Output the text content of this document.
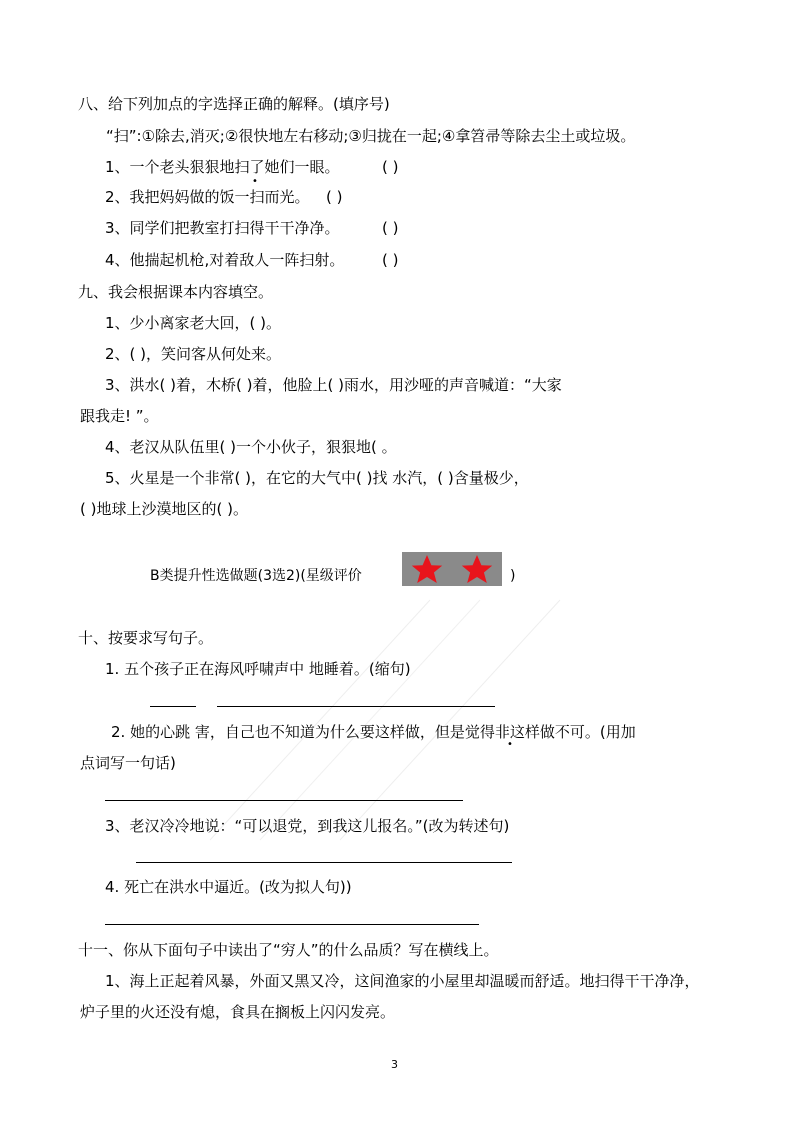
八、给下列加点的字选择正确的解释。(填序号)
“扫”:①除去,消灭;②很快地左右移动;③归拢在一起;④拿笤帚等除去尘土或垃圾。
1、一个老头狠狠地扫了她们一眼。	( )
•
2、我把妈妈做的饭一扫而光。 ( )
3、同学们把教室打扫得干干净净。	( )
4、他揣起机枪,对着敌人一阵扫射。	( )
九、我会根据课本内容填空。
1、少小离家老大回，( )。
2、( )，笑问客从何处来。
3、洪水( )着，木桥( )着，他脸上( )雨水，用沙哑的声音喊道：“大家
跟我走! ”。
4、老汉从队伍里( )一个小伙子，狠狠地( 。
5、火星是一个非常( )，在它的大气中( )找 水汽，( )含量极少，
( )地球上沙漠地区的( )。
B类提升性选做题(3选2)(星级评价	)
十、按要求写句子。
1. 五个孩子正在海风呼啸声中 地睡着。(缩句)
2. 她的心跳 害，自己也不知道为什么要这样做，但是觉得非这样做不可。(用加
•
点词写一句话)
3、老汉冷冷地说：“可以退党，到我这儿报名。”(改为转述句)
4. 死亡在洪水中逼近。(改为拟人句))
十一、你从下面句子中读出了“穷人”的什么品质？写在横线上。
1、海上正起着风暴，外面又黑又冷，这间渔家的小屋里却温暖而舒适。地扫得干干净净，
炉子里的火还没有熄，食具在搁板上闪闪发亮。
3
